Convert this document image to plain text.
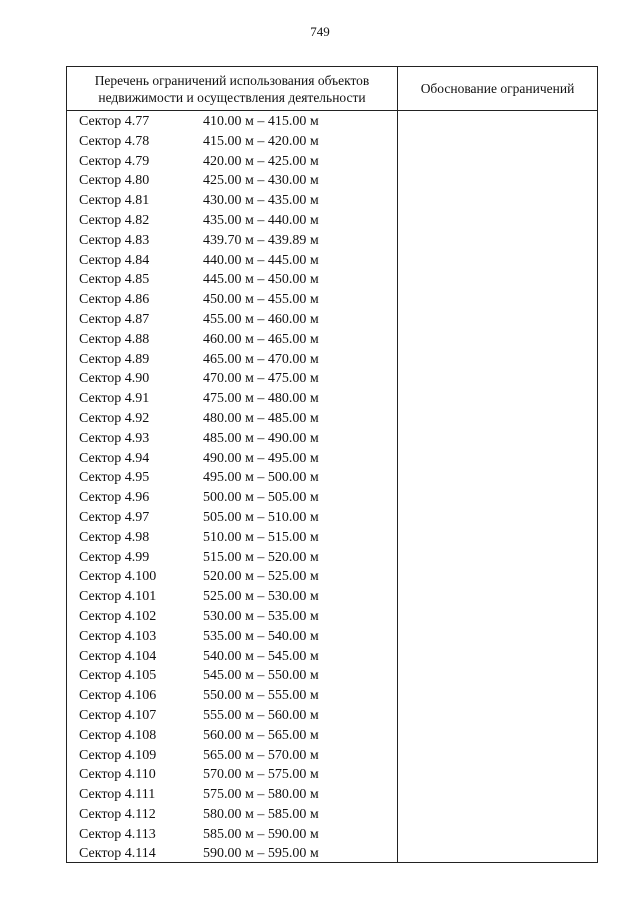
749
Перечень ограничений использования объектов
недвижимости и осуществления деятельности
Обоснование ограничений
Сектор 4.77	410.00 м – 415.00 м
Сектор 4.78	415.00 м – 420.00 м
Сектор 4.79	420.00 м – 425.00 м
Сектор 4.80	425.00 м – 430.00 м
Сектор 4.81	430.00 м – 435.00 м
Сектор 4.82	435.00 м – 440.00 м
Сектор 4.83	439.70 м – 439.89 м
Сектор 4.84	440.00 м – 445.00 м
Сектор 4.85	445.00 м – 450.00 м
Сектор 4.86	450.00 м – 455.00 м
Сектор 4.87	455.00 м – 460.00 м
Сектор 4.88	460.00 м – 465.00 м
Сектор 4.89	465.00 м – 470.00 м
Сектор 4.90	470.00 м – 475.00 м
Сектор 4.91	475.00 м – 480.00 м
Сектор 4.92	480.00 м – 485.00 м
Сектор 4.93	485.00 м – 490.00 м
Сектор 4.94	490.00 м – 495.00 м
Сектор 4.95	495.00 м – 500.00 м
Сектор 4.96	500.00 м – 505.00 м
Сектор 4.97	505.00 м – 510.00 м
Сектор 4.98	510.00 м – 515.00 м
Сектор 4.99	515.00 м – 520.00 м
Сектор 4.100	520.00 м – 525.00 м
Сектор 4.101	525.00 м – 530.00 м
Сектор 4.102	530.00 м – 535.00 м
Сектор 4.103	535.00 м – 540.00 м
Сектор 4.104	540.00 м – 545.00 м
Сектор 4.105	545.00 м – 550.00 м
Сектор 4.106	550.00 м – 555.00 м
Сектор 4.107	555.00 м – 560.00 м
Сектор 4.108	560.00 м – 565.00 м
Сектор 4.109	565.00 м – 570.00 м
Сектор 4.110	570.00 м – 575.00 м
Сектор 4.111	575.00 м – 580.00 м
Сектор 4.112	580.00 м – 585.00 м
Сектор 4.113	585.00 м – 590.00 м
Сектор 4.114	590.00 м – 595.00 м
